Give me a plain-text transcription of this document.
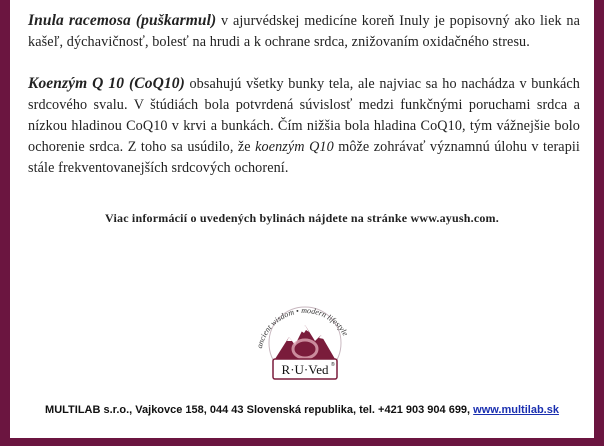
Inula racemosa (puškarmul) v ajurvédskej medicíne koreň Inuly je popisovný ako liek na kašeľ, dýchavičnosť, bolesť na hrudi a k ochrane srdca, znižovaním oxidačného stresu.

Koenzým Q 10 (CoQ10) obsahujú všetky bunky tela, ale najviac sa ho nachádza v bunkách srdcového svalu. V štúdiách bola potvrdená súvislosť medzi funkčnými poruchami srdca a nízkou hladinou CoQ10 v krvi a bunkách. Čím nižšia bola hladina CoQ10, tým vážnejšie bolo ochorenie srdca. Z toho sa usúdilo, že koenzým Q10 môže zohrávať významnú úlohu v terapii stále frekventovanejších srdcových ochorení.

Viac informácií o uvedených bylinách nájdete na stránke www.ayush.com.
ancient wisdom • modern lifestyle
R·U·Ved ®
MULTILAB s.r.o., Vajkovce 158, 044 43 Slovenská republika, tel. +421 903 904 699, www.multilab.sk
